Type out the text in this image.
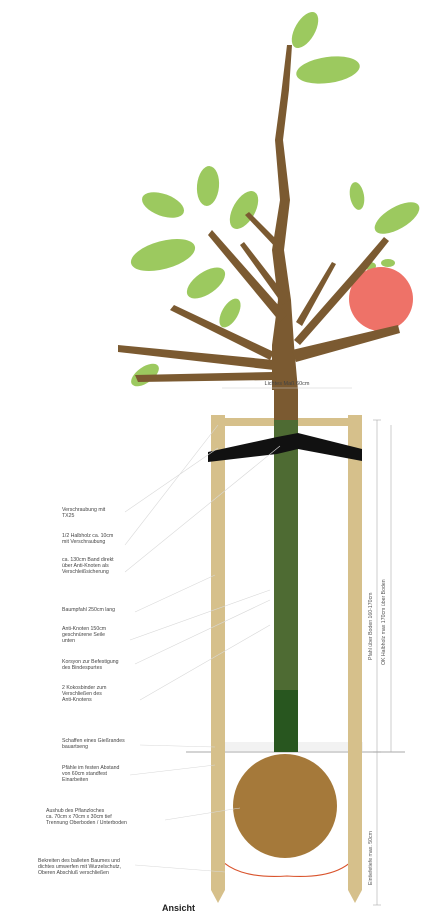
Lichtes Maß 60cm
Verschraubung mit
TX25
1/2 Halbholz ca. 10cm
mit Verschraubung
ca. 130cm Band direkt
über Anti-Knoten als
Verschleißsicherung
Baumpfahl 250cm lang
Anti-Knoten 150cm
geschnürene Seile
unten
Korsyon zur Befestigung
des Bindespurtes
2 Kokosbinder zum
Verschließen des
Anti-Knotens
Schaffen eines Gießrandes
bauartseng
Pfähle im festen Abstand
von 60cm standfest
Einarbeiten
Aushub des Pflanzloches
ca. 70cm x 70cm x 30cm tief
Trennung Oberboden / Unterboden
Bekreiten des balleten Baumes und
dichtes umwerfen mit Wurzelschutz,
Oberen Abschluß verschließen
Pfahl über Boden 160-170cm OK Halbholz max 170cm über Boden
Eintiefetiefe max. 50cm
Ansicht
